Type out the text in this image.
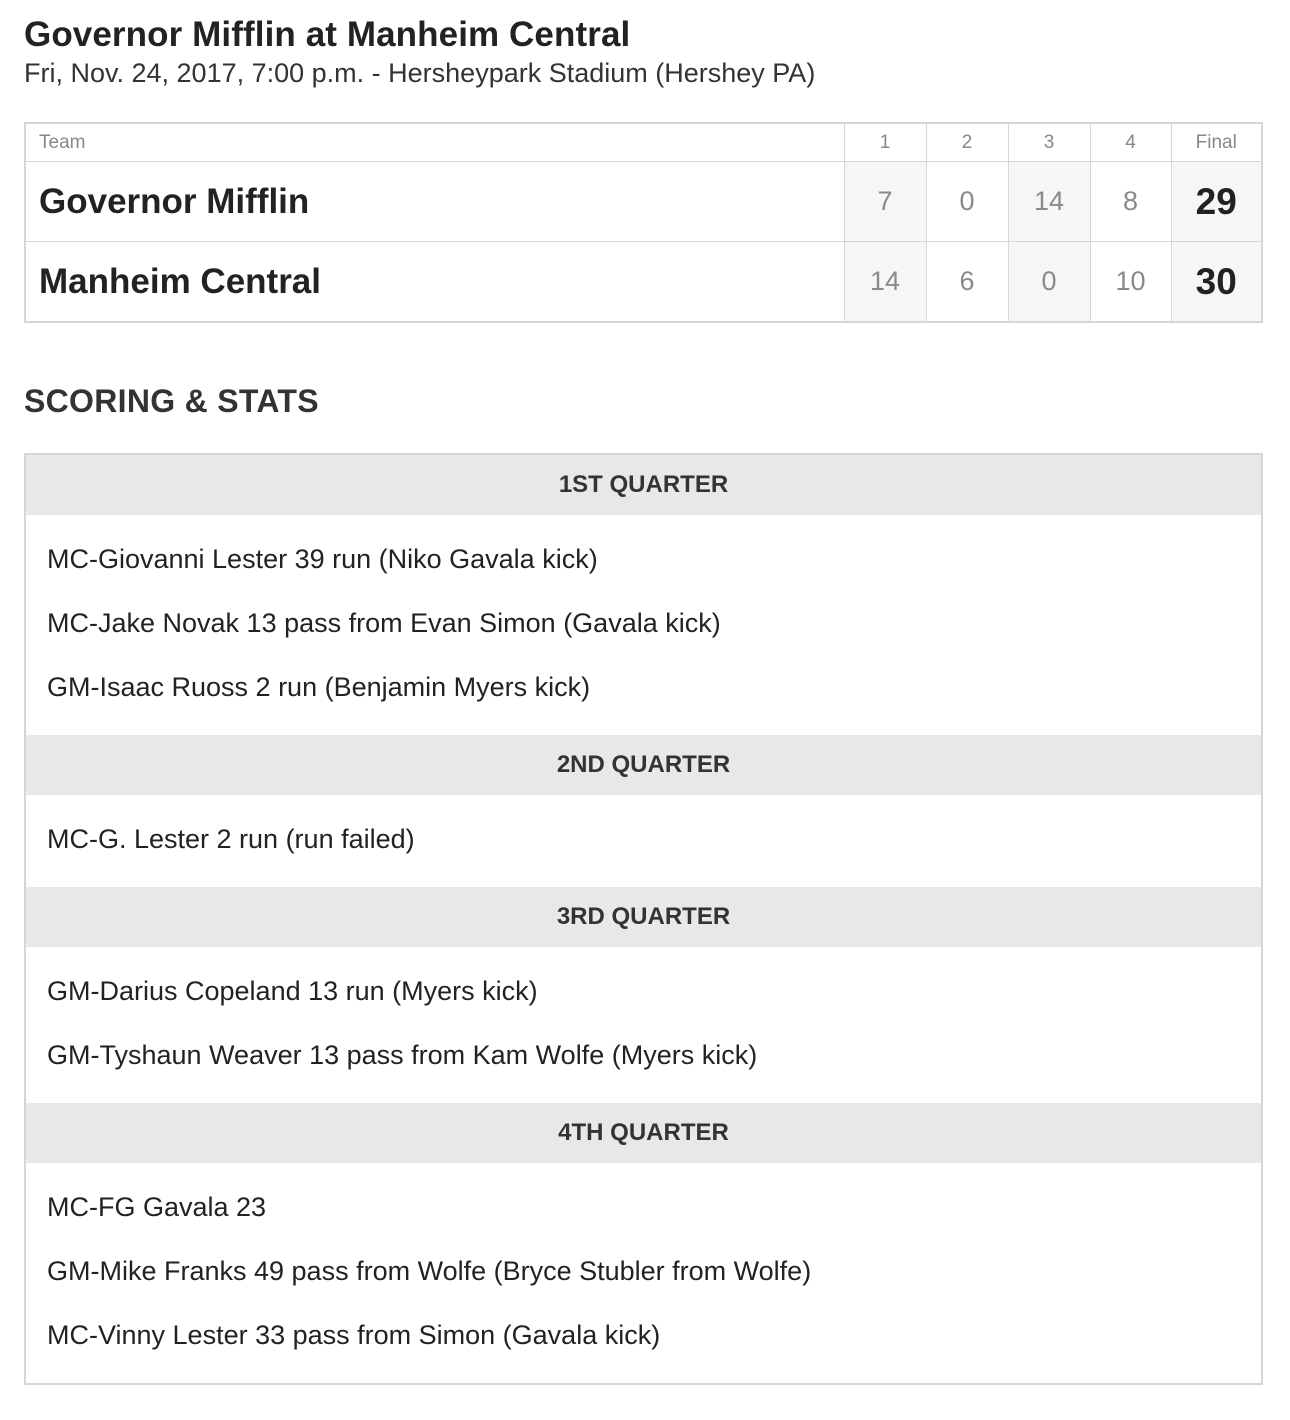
Governor Mifflin at Manheim Central
Fri, Nov. 24, 2017, 7:00 p.m. - Hersheypark Stadium (Hershey PA)
Team	1	2	3	4	Final
Governor Mifflin	7	0	14	8	29
Manheim Central	14	6	0	10	30
SCORING & STATS
1ST QUARTER
MC-Giovanni Lester 39 run (Niko Gavala kick)
MC-Jake Novak 13 pass from Evan Simon (Gavala kick)
GM-Isaac Ruoss 2 run (Benjamin Myers kick)
2ND QUARTER
MC-G. Lester 2 run (run failed)
3RD QUARTER
GM-Darius Copeland 13 run (Myers kick)
GM-Tyshaun Weaver 13 pass from Kam Wolfe (Myers kick)
4TH QUARTER
MC-FG Gavala 23
GM-Mike Franks 49 pass from Wolfe (Bryce Stubler from Wolfe)
MC-Vinny Lester 33 pass from Simon (Gavala kick)
